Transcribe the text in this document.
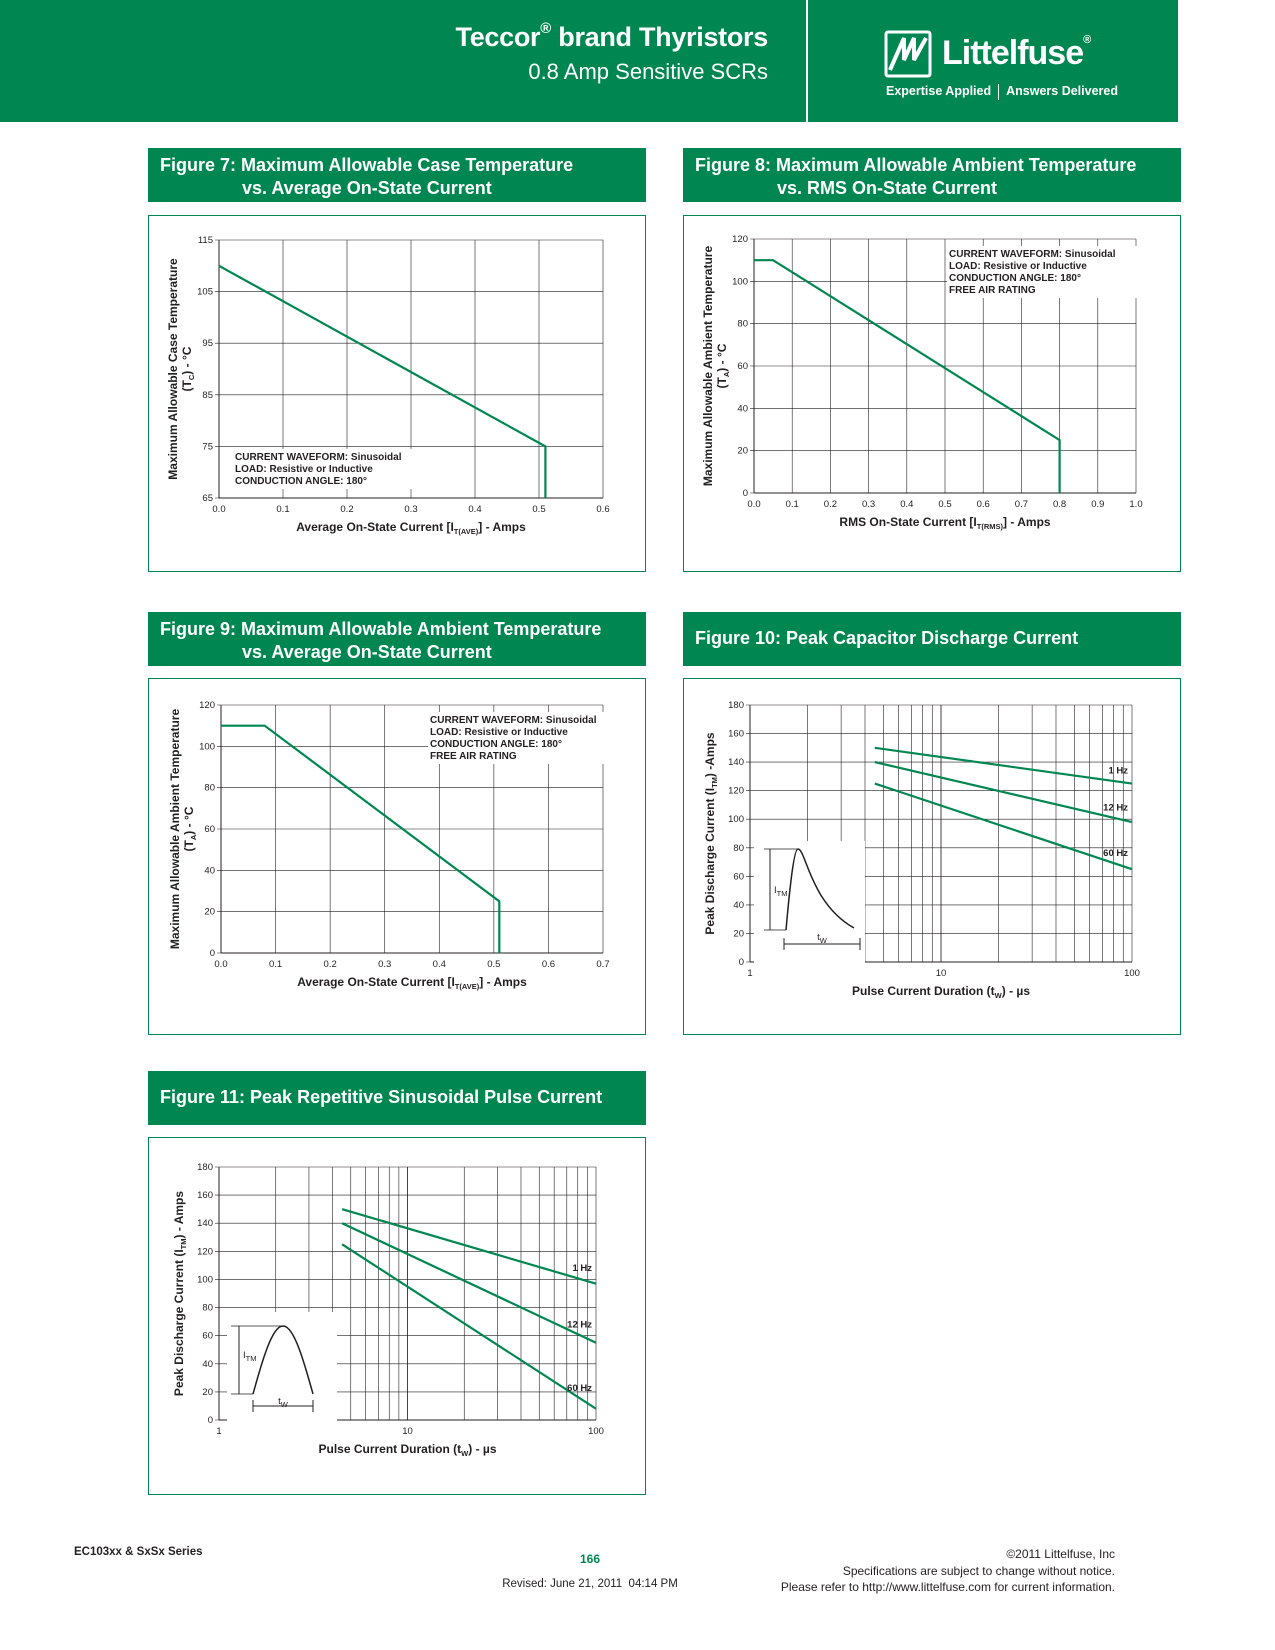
Teccor® brand Thyristors
0.8 Amp Sensitive SCRs	Littelfuse®
Expertise Applied Answers Delivered
Figure 7: Maximum Allowable Case Temperature
vs. Average On-State Current
Figure 8: Maximum Allowable Ambient Temperature
vs. RMS On-State Current
Figure 9: Maximum Allowable Ambient Temperature
vs. Average On-State Current
Figure 10: Peak Capacitor Discharge Current
Figure 11: Peak Repetitive Sinusoidal Pulse Current
65
75
85
95
105
115
0.0	0.1	0.2	0.3	0.4	0.5	0.6
Average On-State Current $[I_{T(AVE)}]$ - Amps
Maximum Allowable Case Temperature $(T_C) - ^\circ C$
CURRENT WAVEFORM: Sinusoidal
LOAD: Resistive or Inductive
CONDUCTION ANGLE: 180°
0
20
40
60
80
100
120
0.0	0.1	0.2	0.3	0.4	0.5	0.6	0.7	0.8	0.9	1.0
RMS On-State Current $[I_{T(RMS)}]$ - Amps
Maximum Allowable Ambient Temperature $(T_A) - ^\circ C$
CURRENT WAVEFORM: Sinusoidal
LOAD: Resistive or Inductive
CONDUCTION ANGLE: 180°
FREE AIR RATING
0
20
40
60
80
100
120
0.0	0.1	0.2	0.3	0.4	0.5	0.6	0.7
Average On-State Current $[I_{T(AVE)}]$ - Amps
Maximum Allowable Ambient Temperature $(T_A) - ^\circ C$
CURRENT WAVEFORM: Sinusoidal
LOAD: Resistive or Inductive
CONDUCTION ANGLE: 180°
FREE AIR RATING
0
20
40
60
80
100
120
140
160
180
1	10	100
Pulse Current Duration $(t_W)$ - µs
Peak Discharge Current $(I_{TM})$ -Amps	1 Hz
12 Hz
60 Hz
$I_{TM}$
$t_W$
0
20
40
60
80
100
120
140
160
180
1	10	100
Pulse Current Duration $(t_W)$ - µs
Peak Discharge Current $(I_{TM})$ - Amps
1 Hz
12 Hz
60 Hz
$I_{TM}$
$t_W$
EC103xx & SxSx Series	166
Revised: June 21, 2011  04:14 PM
©2011 Littelfuse, Inc
Specifications are subject to change without notice.
Please refer to http://www.littelfuse.com for current information.
